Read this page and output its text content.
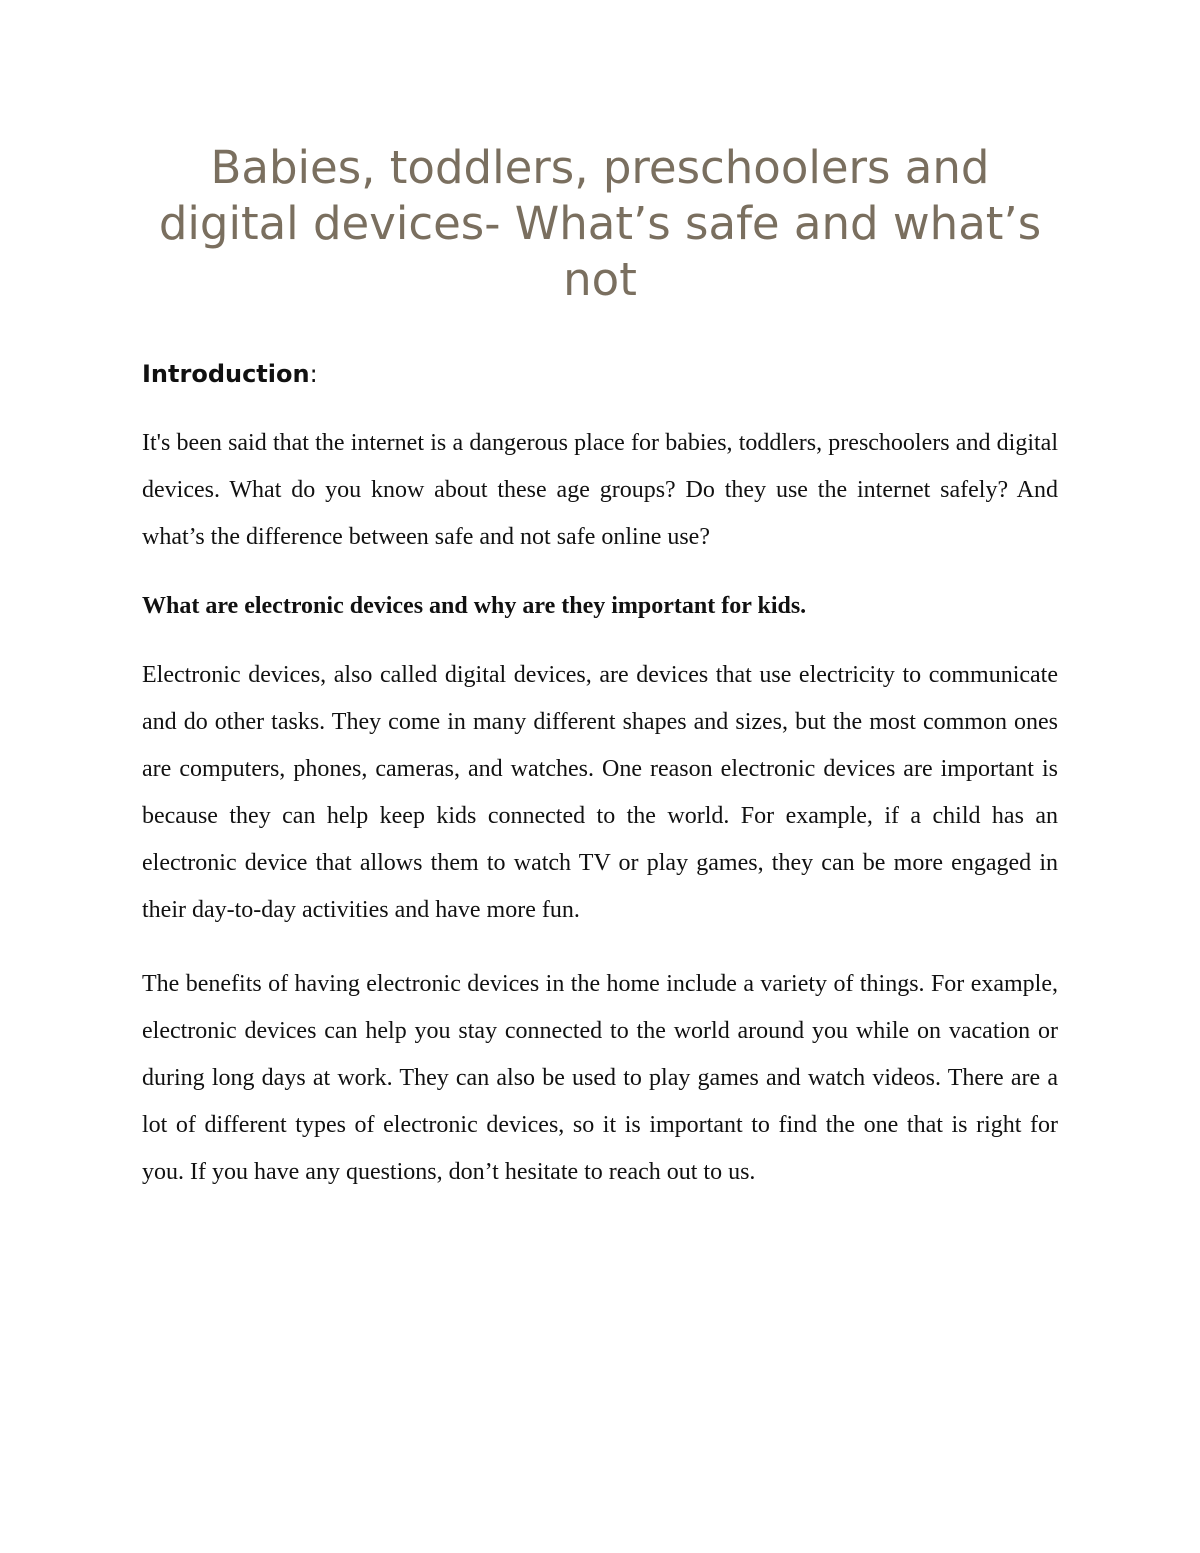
Babies, toddlers, preschoolers and digital devices- What’s safe and what’s not
Introduction:

It's been said that the internet is a dangerous place for babies, toddlers, preschoolers and digital devices. What do you know about these age groups? Do they use the internet safely? And what’s the difference between safe and not safe online use?

What are electronic devices and why are they important for kids.

Electronic devices, also called digital devices, are devices that use electricity to communicate and do other tasks. They come in many different shapes and sizes, but the most common ones are computers, phones, cameras, and watches. One reason electronic devices are important is because they can help keep kids connected to the world. For example, if a child has an electronic device that allows them to watch TV or play games, they can be more engaged in their day-to-day activities and have more fun.

The benefits of having electronic devices in the home include a variety of things. For example, electronic devices can help you stay connected to the world around you while on vacation or during long days at work. They can also be used to play games and watch videos. There are a lot of different types of electronic devices, so it is important to find the one that is right for you. If you have any questions, don’t hesitate to reach out to us.
